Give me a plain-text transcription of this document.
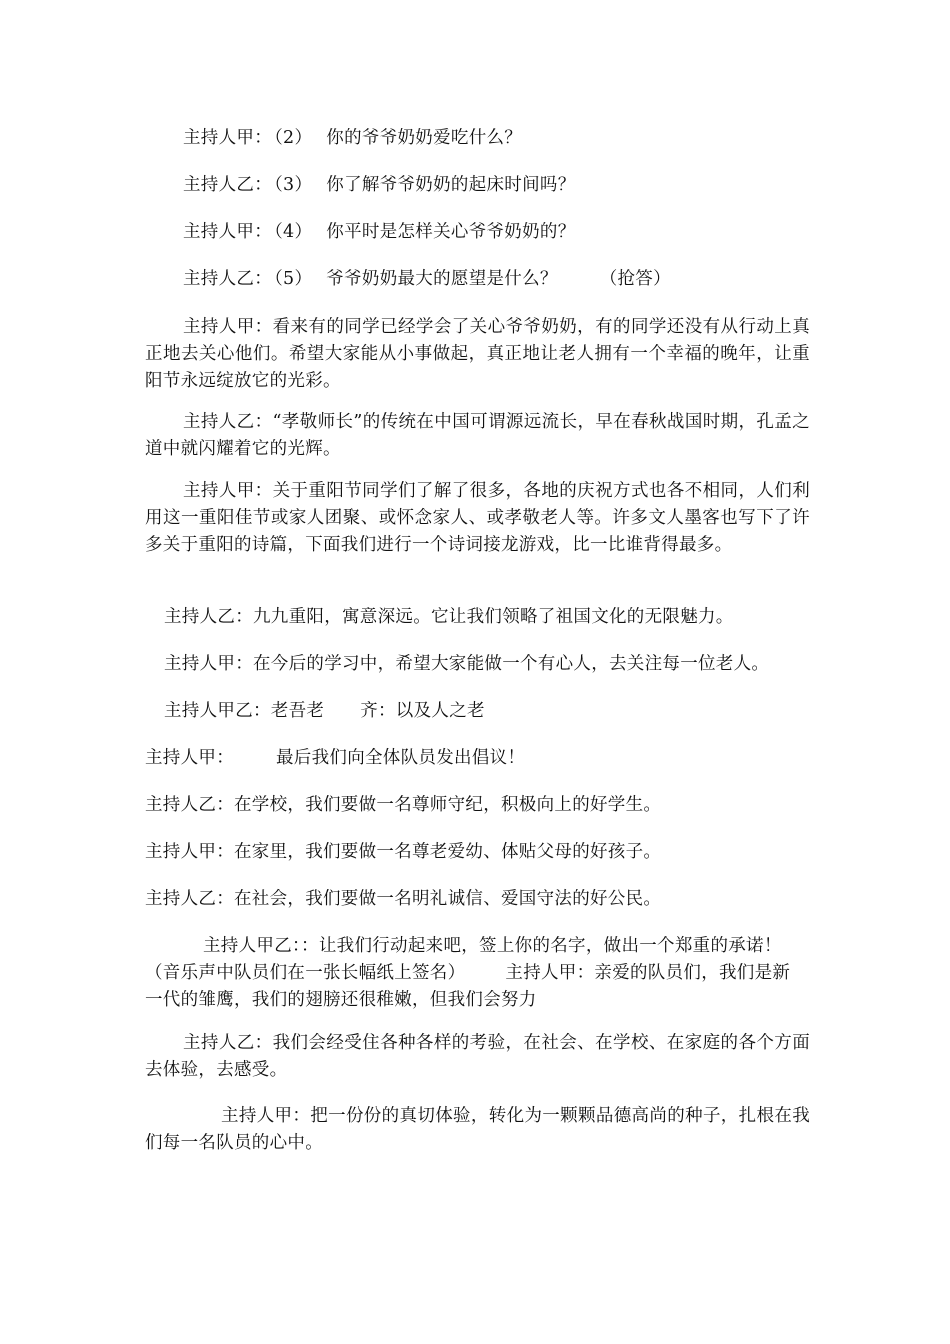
主持人甲： （2） 你的爷爷奶奶爱吃什么？
主持人乙： （3） 你了解爷爷奶奶的起床时间吗？
主持人甲： （4） 你平时是怎样关心爷爷奶奶的？
主持人乙： （5） 爷爷奶奶最大的愿望是什么？ （抢答）
主持人甲：看来有的同学已经学会了关心爷爷奶奶，有的同学还没有从行动上真正地去关心他们。希望大家能从小事做起，真正地让老人拥有一个幸福的晚年，让重阳节永远绽放它的光彩。
主持人乙：“孝敬师长”的传统在中国可谓源远流长，早在春秋战国时期，孔孟之道中就闪耀着它的光辉。
主持人甲：关于重阳节同学们了解了很多，各地的庆祝方式也各不相同，人们利用这一重阳佳节或家人团聚、或怀念家人、或孝敬老人等。许多文人墨客也写下了许多关于重阳的诗篇，下面我们进行一个诗词接龙游戏，比一比谁背得最多。
主持人乙：九九重阳，寓意深远。它让我们领略了祖国文化的无限魅力。
主持人甲：在今后的学习中，希望大家能做一个有心人，去关注每一位老人。
主持人甲乙：老吾老 齐：以及人之老
主持人甲： 最后我们向全体队员发出倡议！
主持人乙：在学校，我们要做一名尊师守纪，积极向上的好学生。
主持人甲：在家里，我们要做一名尊老爱幼、体贴父母的好孩子。
主持人乙：在社会，我们要做一名明礼诚信、爱国守法的好公民。
主持人甲乙：：让我们行动起来吧，签上你的名字，做出一个郑重的承诺！
（音乐声中队员们在一张长幅纸上签名） 主持人甲：亲爱的队员们，我们是新
一代的雏鹰，我们的翅膀还很稚嫩，但我们会努力
主持人乙：我们会经受住各种各样的考验，在社会、在学校、在家庭的各个方面去体验，去感受。
主持人甲：把一份份的真切体验，转化为一颗颗品德高尚的种子，扎根在我们每一名队员的心中。
